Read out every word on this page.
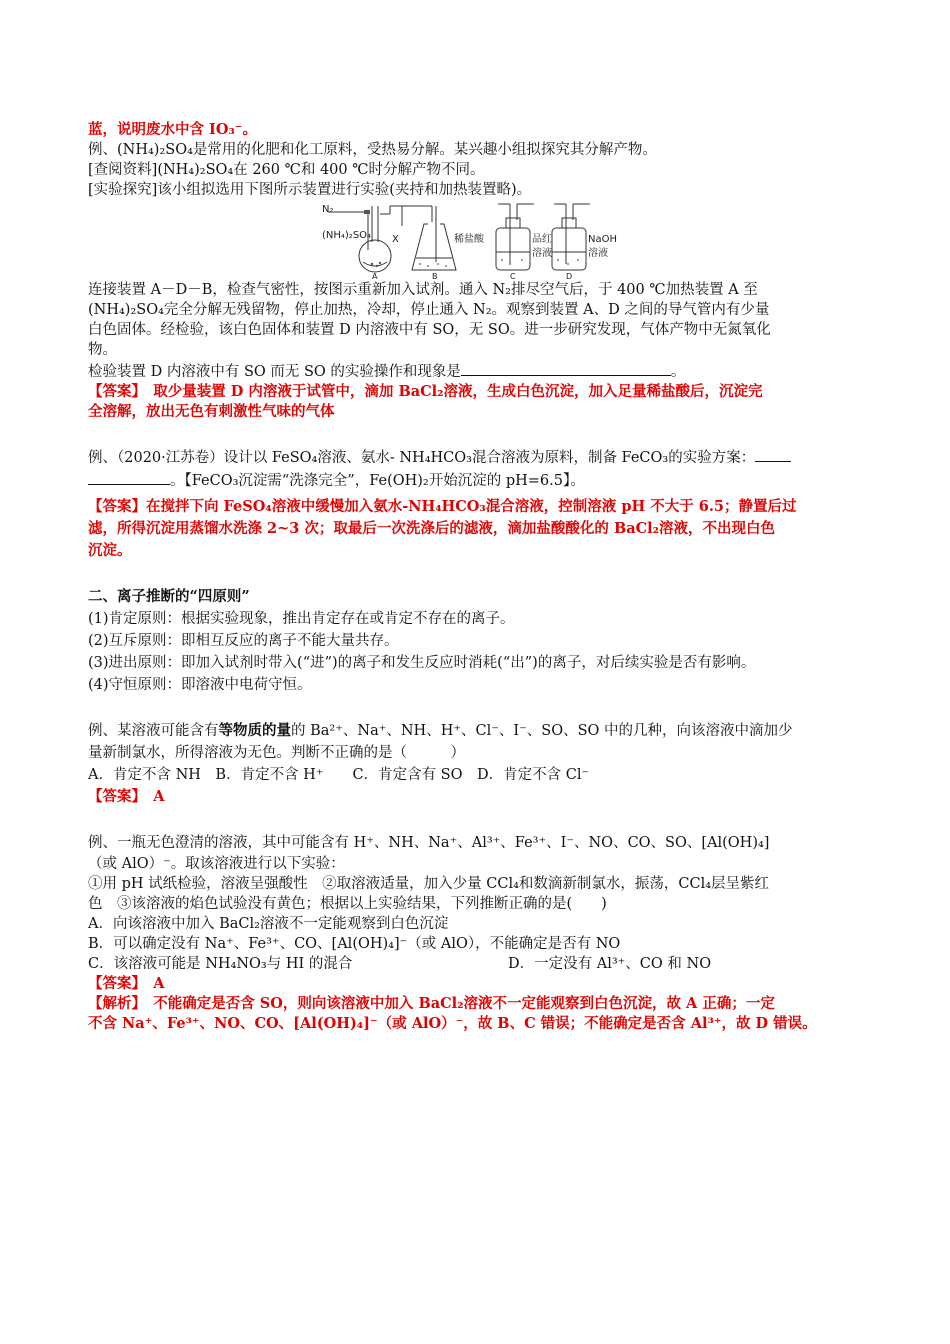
蓝，说明废水中含 IO₃⁻。
例、(NH₄)₂SO₄是常用的化肥和化工原料，受热易分解。某兴趣小组拟探究其分解产物。
[查阅资料](NH₄)₂SO₄在 260 ℃和 400 ℃时分解产物不同。
[实验探究]该小组拟选用下图所示装置进行实验(夹持和加热装置略)。
N₂
(NH₄)₂SO₄ X	稀盐酸	品红
溶液
NaOH
溶液
A	B	C	D
连接装置 A－D－B，检查气密性，按图示重新加入试剂。通入 N₂排尽空气后，于 400 ℃加热装置 A 至
(NH₄)₂SO₄完全分解无残留物，停止加热，冷却，停止通入 N₂。观察到装置 A、D 之间的导气管内有少量
白色固体。经检验，该白色固体和装置 D 内溶液中有 SO，无 SO。进一步研究发现，气体产物中无氮氧化
物。
检验装置 D 内溶液中有 SO 而无 SO 的实验操作和现象是	。
【答案】　取少量装置 D 内溶液于试管中，滴加 BaCl₂溶液，生成白色沉淀，加入足量稀盐酸后，沉淀完
全溶解，放出无色有刺激性气味的气体
例、（2020·江苏卷）设计以 FeSO₄溶液、氨水- NH₄HCO₃混合溶液为原料，制备 FeCO₃的实验方案：
。【FeCO₃沉淀需“洗涤完全”，Fe(OH)₂开始沉淀的 pH=6.5】。
【答案】在搅拌下向 FeSO₄溶液中缓慢加入氨水-NH₄HCO₃混合溶液，控制溶液 pH 不大于 6.5；静置后过
滤，所得沉淀用蒸馏水洗涤 2~3 次；取最后一次洗涤后的滤液，滴加盐酸酸化的 BaCl₂溶液，不出现白色
沉淀。
二、离子推断的“四原则”
(1)肯定原则：根据实验现象，推出肯定存在或肯定不存在的离子。
(2)互斥原则：即相互反应的离子不能大量共存。
(3)进出原则：即加入试剂时带入(“进”)的离子和发生反应时消耗(“出”)的离子，对后续实验是否有影响。
(4)守恒原则：即溶液中电荷守恒。
例、某溶液可能含有等物质的量的 Ba²⁺、Na⁺、NH、H⁺、Cl⁻、I⁻、SO、SO 中的几种，向该溶液中滴加少
量新制氯水，所得溶液为无色。判断不正确的是（　　　）
A．肯定不含 NH　B．肯定不含 H⁺　　C．肯定含有 SO　D．肯定不含 Cl⁻
【答案】　A
例、一瓶无色澄清的溶液，其中可能含有 H⁺、NH、Na⁺、Al³⁺、Fe³⁺、I⁻、NO、CO、SO、[Al(OH)₄]
（或 AlO）⁻。取该溶液进行以下实验：
①用 pH 试纸检验，溶液呈强酸性　②取溶液适量，加入少量 CCl₄和数滴新制氯水，振荡，CCl₄层呈紫红
色　③该溶液的焰色试验没有黄色；根据以上实验结果，下列推断正确的是(　　)
A．向该溶液中加入 BaCl₂溶液不一定能观察到白色沉淀
B．可以确定没有 Na⁺、Fe³⁺、CO、[Al(OH)₄]⁻（或 AlO），不能确定是否有 NO
C．该溶液可能是 NH₄NO₃与 HI 的混合	D．一定没有 Al³⁺、CO 和 NO
【答案】　A
【解析】　不能确定是否含 SO，则向该溶液中加入 BaCl₂溶液不一定能观察到白色沉淀，故 A 正确；一定
不含 Na⁺、Fe³⁺、NO、CO、[Al(OH)₄]⁻（或 AlO）⁻，故 B、C 错误；不能确定是否含 Al³⁺，故 D 错误。
